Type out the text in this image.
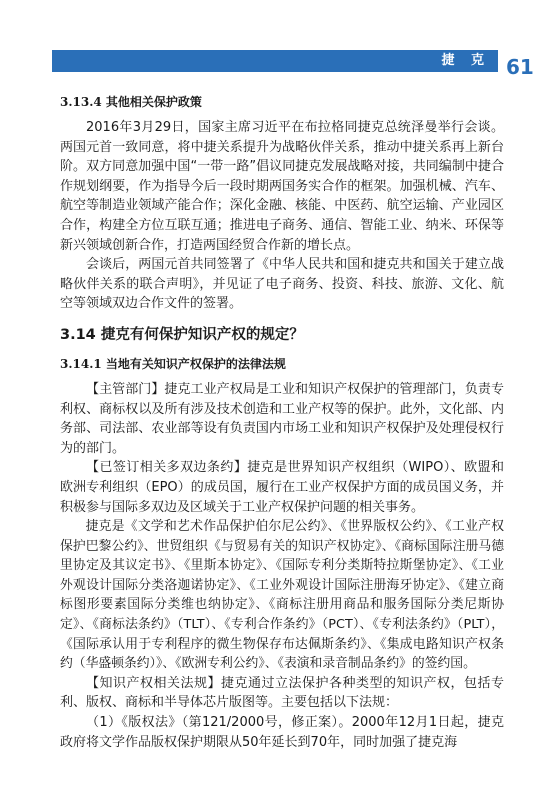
捷 克 61
3.13.4 其他相关保护政策

2016年3月29日，国家主席习近平在布拉格同捷克总统泽曼举行会谈。两国元首一致同意，将中捷关系提升为战略伙伴关系，推动中捷关系再上新台阶。双方同意加强中国“一带一路”倡议同捷克发展战略对接，共同编制中捷合作规划纲要，作为指导今后一段时期两国务实合作的框架。加强机械、汽车、航空等制造业领域产能合作；深化金融、核能、中医药、航空运输、产业园区合作，构建全方位互联互通；推进电子商务、通信、智能工业、纳米、环保等新兴领域创新合作，打造两国经贸合作新的增长点。

会谈后，两国元首共同签署了《中华人民共和国和捷克共和国关于建立战略伙伴关系的联合声明》，并见证了电子商务、投资、科技、旅游、文化、航空等领域双边合作文件的签署。

3.14 捷克有何保护知识产权的规定？
3.14.1 当地有关知识产权保护的法律法规

【主管部门】捷克工业产权局是工业和知识产权保护的管理部门，负责专利权、商标权以及所有涉及技术创造和工业产权等的保护。此外，文化部、内务部、司法部、农业部等设有负责国内市场工业和知识产权保护及处理侵权行为的部门。

【已签订相关多双边条约】捷克是世界知识产权组织（WIPO）、欧盟和欧洲专利组织（EPO）的成员国，履行在工业产权保护方面的成员国义务，并积极参与国际多双边及区域关于工业产权保护问题的相关事务。

捷克是《文学和艺术作品保护伯尔尼公约》、《世界版权公约》、《工业产权保护巴黎公约》、世贸组织《与贸易有关的知识产权协定》、《商标国际注册马德里协定及其议定书》、《里斯本协定》、《国际专利分类斯特拉斯堡协定》、《工业外观设计国际分类洛迦诺协定》、《工业外观设计国际注册海牙协定》、《建立商标图形要素国际分类维也纳协定》、《商标注册用商品和服务国际分类尼斯协定》、《商标法条约》（TLT）、《专利合作条约》（PCT）、《专利法条约》（PLT），《国际承认用于专利程序的微生物保存布达佩斯条约》、《集成电路知识产权条约（华盛顿条约）》、《欧洲专利公约》、《表演和录音制品条约》的签约国。

【知识产权相关法规】捷克通过立法保护各种类型的知识产权，包括专利、版权、商标和半导体芯片版图等。主要包括以下法规：

（1）《版权法》（第121/2000号，修正案）。2000年12月1日起，捷克政府将文学作品版权保护期限从50年延长到70年，同时加强了捷克海
